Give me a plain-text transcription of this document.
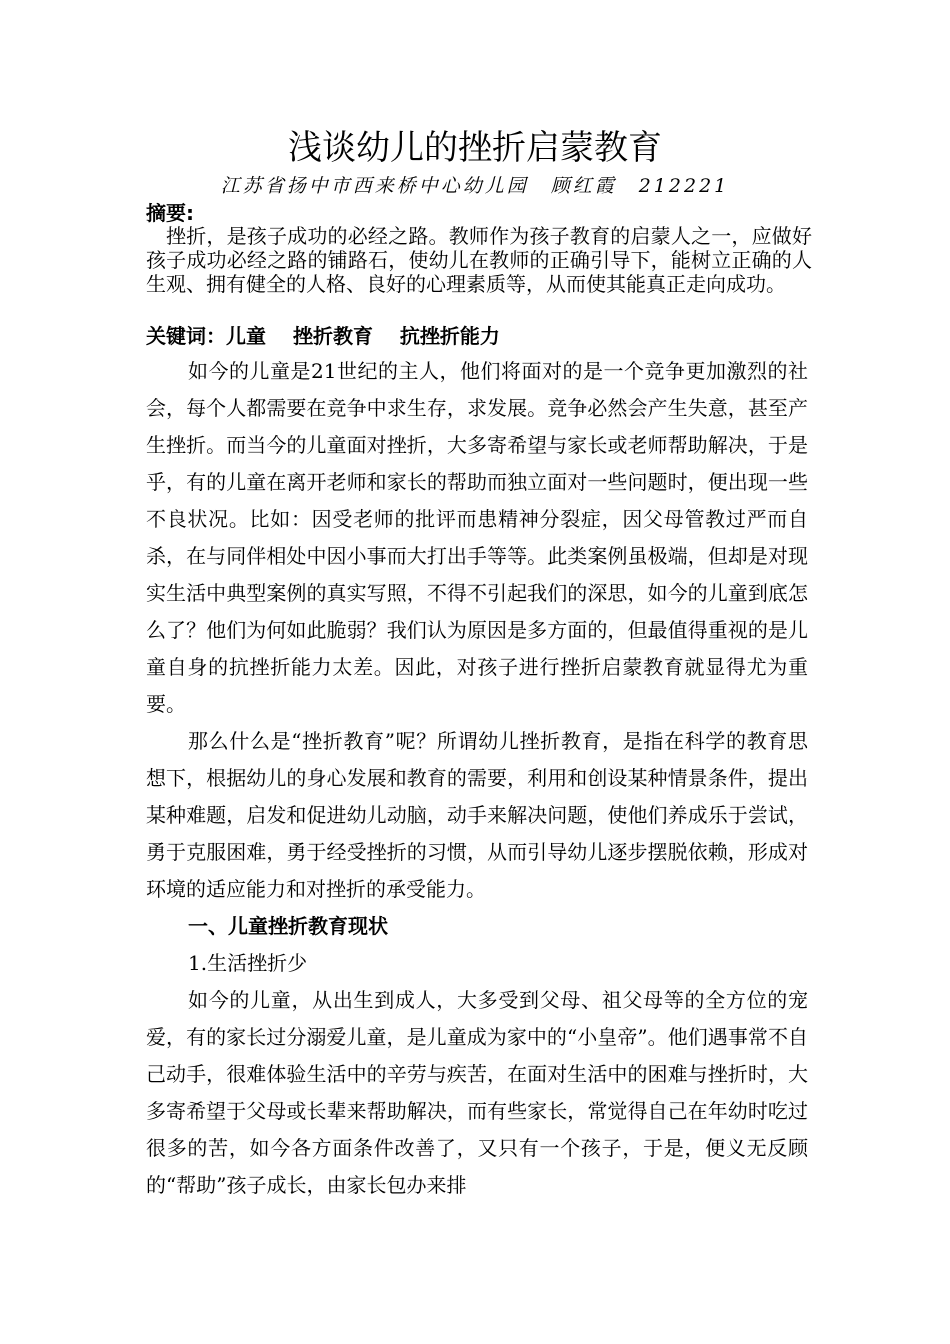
浅谈幼儿的挫折启蒙教育
江苏省扬中市西来桥中心幼儿园　顾红霞　212221
摘要:
挫折，是孩子成功的必经之路。教师作为孩子教育的启蒙人之一，应做好孩子成功必经之路的铺路石，使幼儿在教师的正确引导下，能树立正确的人生观、拥有健全的人格、良好的心理素质等，从而使其能真正走向成功。
关键词：儿童　 挫折教育　 抗挫折能力

如今的儿童是21世纪的主人，他们将面对的是一个竞争更加激烈的社会，每个人都需要在竞争中求生存，求发展。竞争必然会产生失意，甚至产生挫折。而当今的儿童面对挫折，大多寄希望与家长或老师帮助解决，于是乎，有的儿童在离开老师和家长的帮助而独立面对一些问题时，便出现一些不良状况。比如：因受老师的批评而患精神分裂症，因父母管教过严而自杀，在与同伴相处中因小事而大打出手等等。此类案例虽极端，但却是对现实生活中典型案例的真实写照，不得不引起我们的深思，如今的儿童到底怎么了？他们为何如此脆弱？我们认为原因是多方面的，但最值得重视的是儿童自身的抗挫折能力太差。因此，对孩子进行挫折启蒙教育就显得尤为重要。

那么什么是“挫折教育”呢？所谓幼儿挫折教育，是指在科学的教育思想下，根据幼儿的身心发展和教育的需要，利用和创设某种情景条件，提出某种难题，启发和促进幼儿动脑，动手来解决问题，使他们养成乐于尝试，勇于克服困难，勇于经受挫折的习惯，从而引导幼儿逐步摆脱依赖，形成对环境的适应能力和对挫折的承受能力。

一、儿童挫折教育现状

1.生活挫折少

如今的儿童，从出生到成人，大多受到父母、祖父母等的全方位的宠爱，有的家长过分溺爱儿童，是儿童成为家中的“小皇帝”。他们遇事常不自己动手，很难体验生活中的辛劳与疾苦，在面对生活中的困难与挫折时，大多寄希望于父母或长辈来帮助解决，而有些家长，常觉得自己在年幼时吃过很多的苦，如今各方面条件改善了，又只有一个孩子，于是，便义无反顾的“帮助”孩子成长，由家长包办来排
